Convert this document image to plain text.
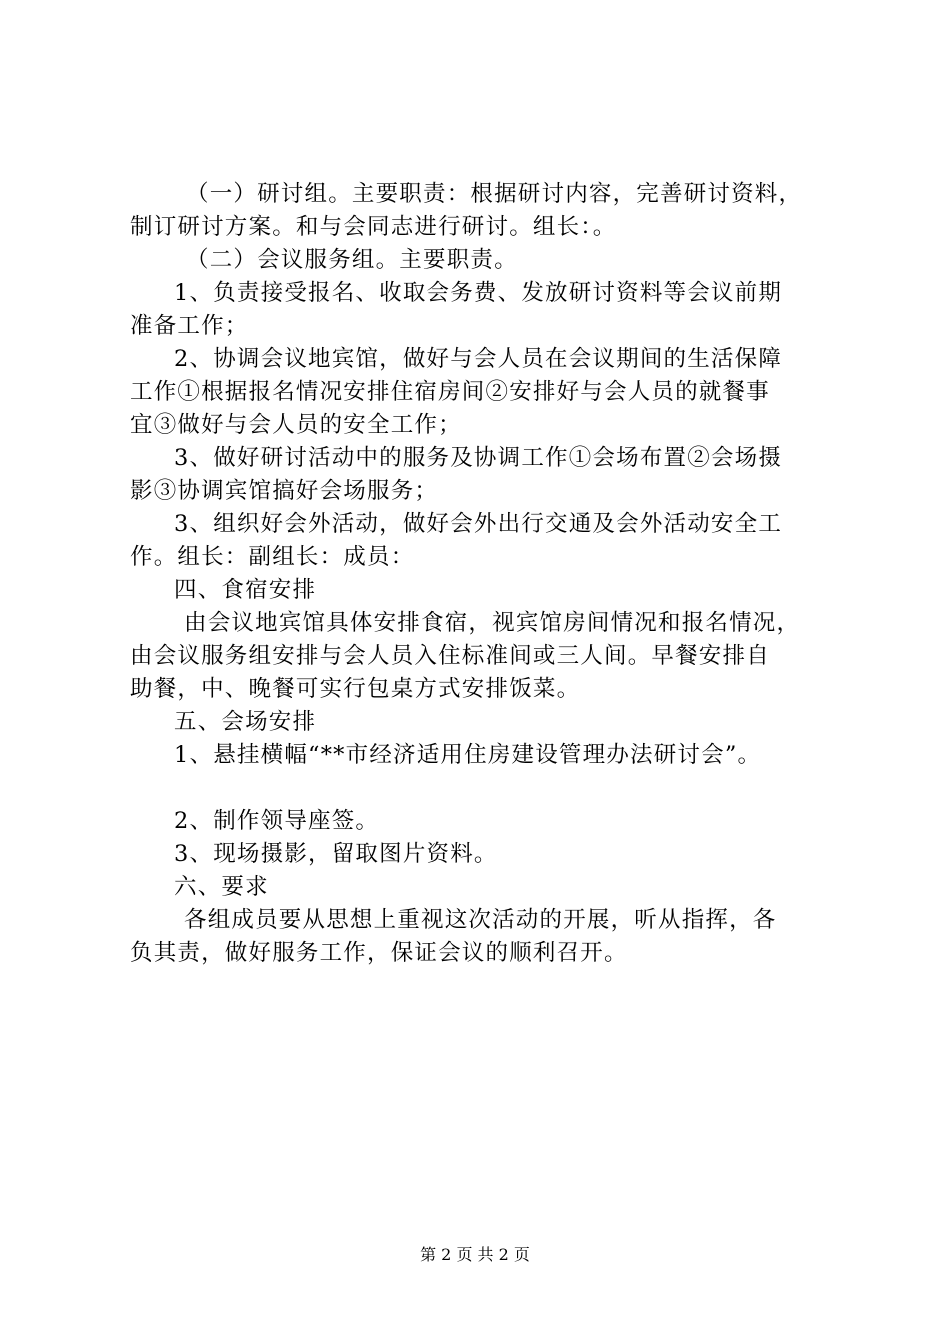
（一）研讨组。主要职责：根据研讨内容，完善研讨资料，

制订研讨方案。和与会同志进行研讨。组长：。

（二）会议服务组。主要职责。

1、负责接受报名、收取会务费、发放研讨资料等会议前期

准备工作；

2、协调会议地宾馆，做好与会人员在会议期间的生活保障

工作①根据报名情况安排住宿房间②安排好与会人员的就餐事

宜③做好与会人员的安全工作；

3、做好研讨活动中的服务及协调工作①会场布置②会场摄

影③协调宾馆搞好会场服务；

3、组织好会外活动，做好会外出行交通及会外活动安全工

作。组长：副组长：成员：

四、食宿安排

由会议地宾馆具体安排食宿，视宾馆房间情况和报名情况，

由会议服务组安排与会人员入住标准间或三人间。早餐安排自

助餐，中、晚餐可实行包桌方式安排饭菜。

五、会场安排

1、悬挂横幅“**市经济适用住房建设管理办法研讨会”。

2、制作领导座签。

3、现场摄影，留取图片资料。

六、要求

各组成员要从思想上重视这次活动的开展，听从指挥，各

负其责，做好服务工作，保证会议的顺利召开。

第 2 页 共 2 页
